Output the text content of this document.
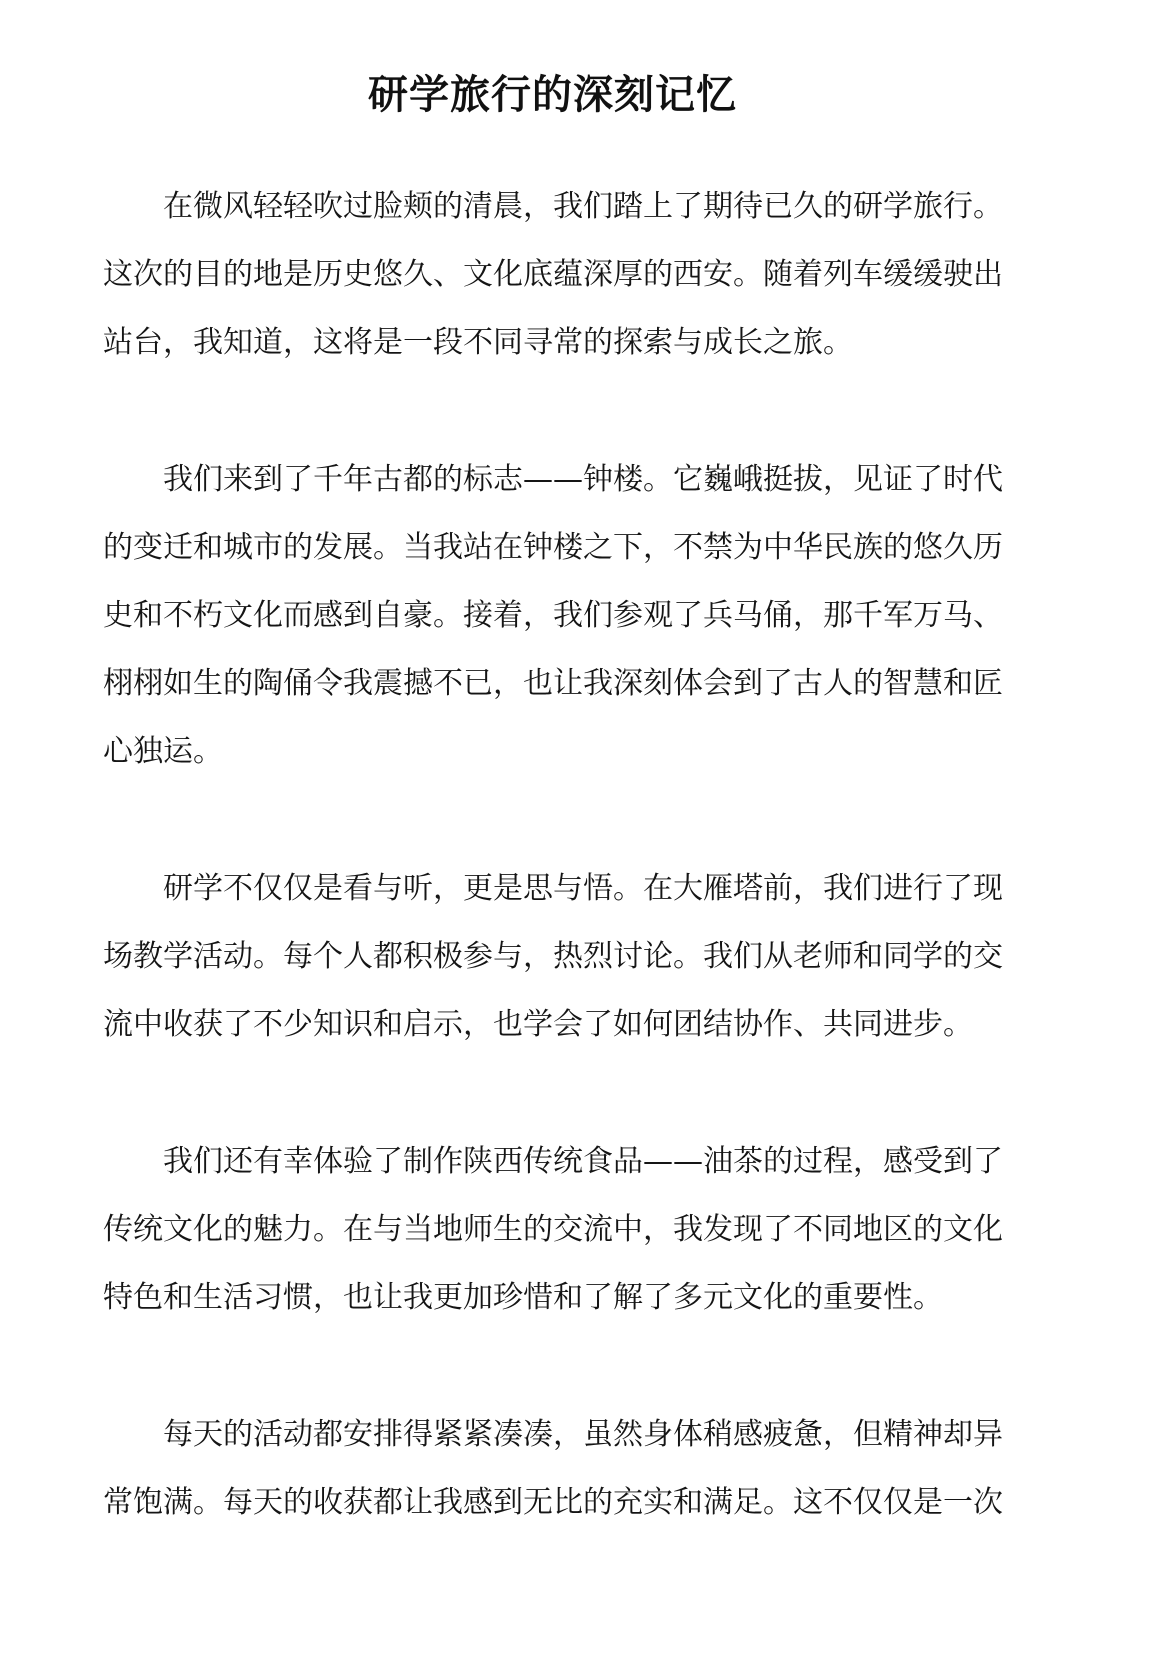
研学旅行的深刻记忆

在微风轻轻吹过脸颊的清晨，我们踏上了期待已久的研学旅行。这次的目的地是历史悠久、文化底蕴深厚的西安。随着列车缓缓驶出站台，我知道，这将是一段不同寻常的探索与成长之旅。

我们来到了千年古都的标志——钟楼。它巍峨挺拔，见证了时代的变迁和城市的发展。当我站在钟楼之下，不禁为中华民族的悠久历史和不朽文化而感到自豪。接着，我们参观了兵马俑，那千军万马、栩栩如生的陶俑令我震撼不已，也让我深刻体会到了古人的智慧和匠心独运。

研学不仅仅是看与听，更是思与悟。在大雁塔前，我们进行了现场教学活动。每个人都积极参与，热烈讨论。我们从老师和同学的交流中收获了不少知识和启示，也学会了如何团结协作、共同进步。

我们还有幸体验了制作陕西传统食品——油茶的过程，感受到了传统文化的魅力。在与当地师生的交流中，我发现了不同地区的文化特色和生活习惯，也让我更加珍惜和了解了多元文化的重要性。

每天的活动都安排得紧紧凑凑，虽然身体稍感疲惫，但精神却异常饱满。每天的收获都让我感到无比的充实和满足。这不仅仅是一次
